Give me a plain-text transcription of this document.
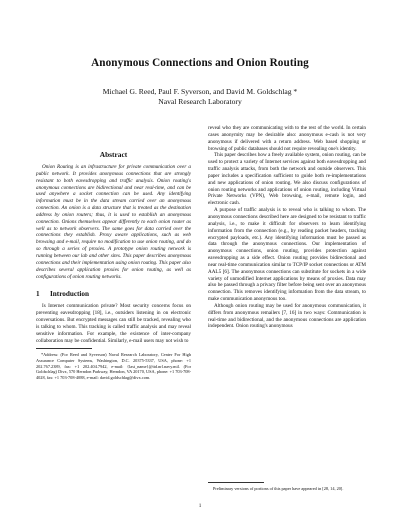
Anonymous Connections and Onion Routing
Michael G. Reed, Paul F. Syverson, and David M. Goldschlag *
Naval Research Laboratory
Abstract

Onion Routing is an infrastructure for private communication over a public network. It provides anonymous connections that are strongly resistant to both eavesdropping and traffic analysis. Onion routing's anonymous connections are bidirectional and near real-time, and can be used anywhere a socket connection can be used. Any identifying information must be in the data stream carried over an anonymous connection. An onion is a data structure that is treated as the destination address by onion routers; thus, it is used to establish an anonymous connection. Onions themselves appear differently to each onion router as well as to network observers. The same goes for data carried over the connections they establish. Proxy aware applications, such as web browsing and e-mail, require no modification to use onion routing, and do so through a series of proxies. A prototype onion routing network is running between our lab and other sites. This paper describes anonymous connections and their implementation using onion routing. This paper also describes several application proxies for onion routing, as well as configurations of onion routing networks.

1 Introduction

Is Internet communication private? Most security concerns focus on preventing eavesdropping [18], i.e., outsiders listening in on electronic conversations. But encrypted messages can still be tracked, revealing who is talking to whom. This tracking is called traffic analysis and may reveal sensitive information. For example, the existence of inter-company collaboration may be confidential. Similarly, e-mail users may not wish to

*Address: (For Reed and Syverson) Naval Research Laboratory, Center For High Assurance Computer Systems, Washington, D.C. 20375-5337, USA, phone: +1 202.767.2389, fax: +1 202.404.7942, e-mail: {last_name}@itd.nrl.navy.mil. (For Goldschlag) Divx, 570 Herndon Parkway, Herndon, VA 20170, USA, phone: +1 703-708-4028, fax: +1 703-708-4088, e-mail: david.goldschlag@divx.com.

reveal who they are communicating with to the rest of the world. In certain cases anonymity may be desirable also: anonymous e-cash is not very anonymous if delivered with a return address. Web based shopping or browsing of public databases should not require revealing one's identity.

This paper describes how a freely available system, onion routing, can be used to protect a variety of Internet services against both eavesdropping and traffic analysis attacks, from both the network and outside observers. This paper includes a specification sufficient to guide both re-implementations and new applications of onion routing. We also discuss configurations of onion routing networks and applications of onion routing, including Virtual Private Networks (VPN), Web browsing, e-mail, remote login, and electronic cash.

A purpose of traffic analysis is to reveal who is talking to whom. The anonymous connections described here are designed to be resistant to traffic analysis, i.e., to make it difficult for observers to learn identifying information from the connection (e.g., by reading packet headers, tracking encrypted payloads, etc.). Any identifying information must be passed as data through the anonymous connections. Our implementation of anonymous connections, onion routing, provides protection against eavesdropping as a side effect. Onion routing provides bidirectional and near real-time communication similar to TCP/IP socket connections or ATM AAL5 [6]. The anonymous connections can substitute for sockets in a wide variety of unmodified Internet applications by means of proxies. Data may also be passed through a privacy filter before being sent over an anonymous connection. This removes identifying information from the data stream, to make communication anonymous too.

Although onion routing may be used for anonymous communication, it differs from anonymous remailers [7, 16] in two ways: Communication is real-time and bidirectional, and the anonymous connections are application independent. Onion routing's anonymous

Preliminary versions of portions of this paper have appeared in [28, 14, 20].

1
